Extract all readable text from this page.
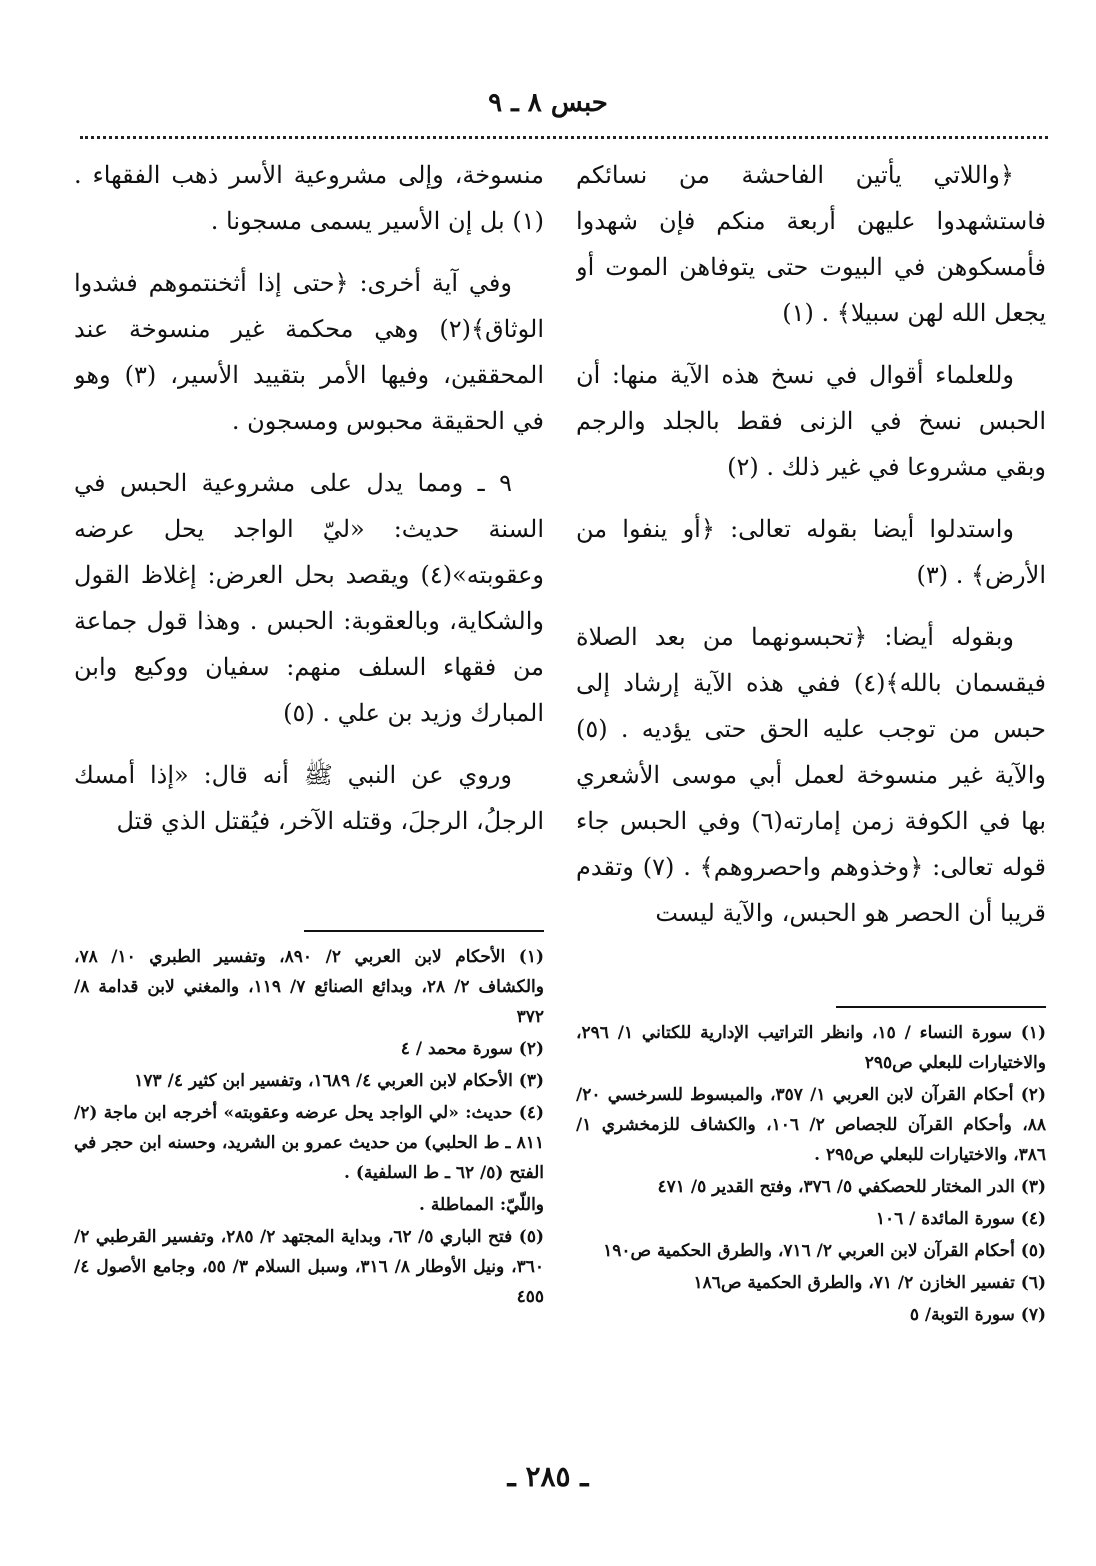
حبس ٨ ـ ٩

﴿واللاتي يأتين الفاحشة من نسائكم فاستشهدوا عليهن أربعة منكم فإن شهدوا فأمسكوهن في البيوت حتى يتوفاهن الموت أو يجعل الله لهن سبيلا﴾ . (١)

وللعلماء أقوال في نسخ هذه الآية منها: أن الحبس نسخ في الزنى فقط بالجلد والرجم وبقي مشروعا في غير ذلك . (٢)

واستدلوا أيضا بقوله تعالى: ﴿أو ينفوا من الأرض﴾ . (٣)

وبقوله أيضا: ﴿تحبسونهما من بعد الصلاة فيقسمان بالله﴾(٤) ففي هذه الآية إرشاد إلى حبس من توجب عليه الحق حتى يؤديه . (٥) والآية غير منسوخة لعمل أبي موسى الأشعري بها في الكوفة زمن إمارته(٦) وفي الحبس جاء قوله تعالى: ﴿وخذوهم واحصروهم﴾ . (٧) وتقدم قريبا أن الحصر هو الحبس، والآية ليست

(١) سورة النساء / ١٥، وانظر التراتيب الإدارية للكتاني ١/ ٢٩٦، والاختيارات للبعلي ص٢٩٥
(٢) أحكام القرآن لابن العربي ١/ ٣٥٧، والمبسوط للسرخسي ٢٠/ ٨٨، وأحكام القرآن للجصاص ٢/ ١٠٦، والكشاف للزمخشري ١/ ٣٨٦، والاختيارات للبعلي ص٢٩٥ .
(٣) الدر المختار للحصكفي ٥/ ٣٧٦، وفتح القدير ٥/ ٤٧١
(٤) سورة المائدة / ١٠٦
(٥) أحكام القرآن لابن العربي ٢/ ٧١٦، والطرق الحكمية ص١٩٠
(٦) تفسير الخازن ٢/ ٧١، والطرق الحكمية ص١٨٦
(٧) سورة التوبة/ ٥

منسوخة، وإلى مشروعية الأسر ذهب الفقهاء . (١) بل إن الأسير يسمى مسجونا .

وفي آية أخرى: ﴿حتى إذا أثخنتموهم فشدوا الوثاق﴾(٢) وهي محكمة غير منسوخة عند المحققين، وفيها الأمر بتقييد الأسير، (٣) وهو في الحقيقة محبوس ومسجون .

٩ ـ ومما يدل على مشروعية الحبس في السنة حديث: «ليّ الواجد يحل عرضه وعقوبته»(٤) ويقصد بحل العرض: إغلاظ القول والشكاية، وبالعقوبة: الحبس . وهذا قول جماعة من فقهاء السلف منهم: سفيان ووكيع وابن المبارك وزيد بن علي . (٥)

وروي عن النبي ﷺ أنه قال: «إذا أمسك الرجلُ، الرجلَ، وقتله الآخر، فيُقتل الذي قتل

(١) الأحكام لابن العربي ٢/ ٨٩٠، وتفسير الطبري ١٠/ ٧٨، والكشاف ٢/ ٢٨، وبدائع الصنائع ٧/ ١١٩، والمغني لابن قدامة ٨/ ٣٧٢
(٢) سورة محمد / ٤
(٣) الأحكام لابن العربي ٤/ ١٦٨٩، وتفسير ابن كثير ٤/ ١٧٣
(٤) حديث: «لي الواجد يحل عرضه وعقوبته» أخرجه ابن ماجة (٢/ ٨١١ ـ ط الحلبي) من حديث عمرو بن الشريد، وحسنه ابن حجر في الفتح (٥/ ٦٢ ـ ط السلفية) .
واللّيّ: المماطلة .
(٥) فتح الباري ٥/ ٦٢، وبداية المجتهد ٢/ ٢٨٥، وتفسير القرطبي ٢/ ٣٦٠، ونيل الأوطار ٨/ ٣١٦، وسبل السلام ٣/ ٥٥، وجامع الأصول ٤/ ٤٥٥
ـ ٢٨٥ ـ
